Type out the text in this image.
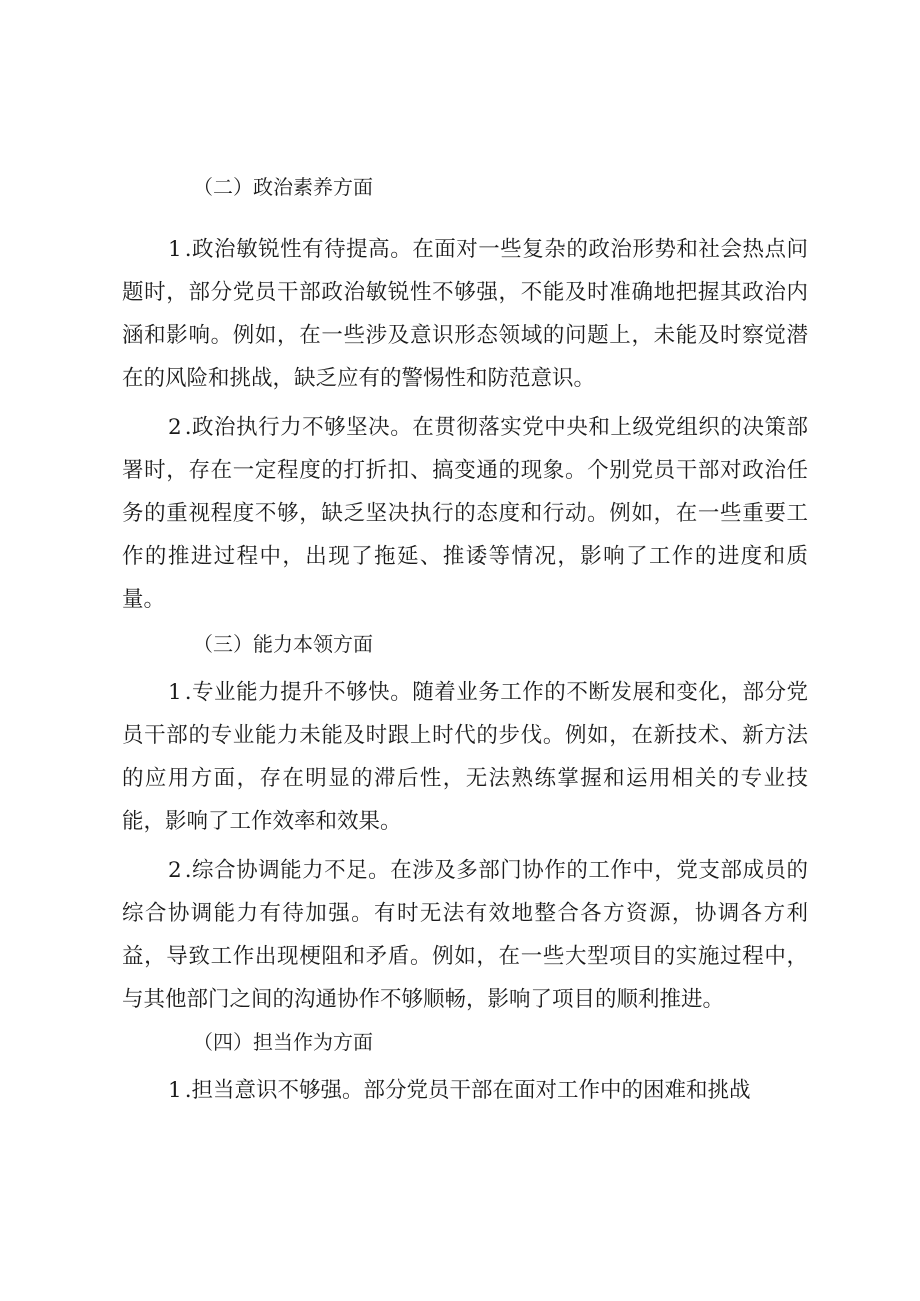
（二）政治素养方面

1 .政治敏锐性有待提高。在面对一些复杂的政治形势和社会热点问题时，部分党员干部政治敏锐性不够强，不能及时准确地把握其政治内涵和影响。例如，在一些涉及意识形态领域的问题上，未能及时察觉潜在的风险和挑战，缺乏应有的警惕性和防范意识。

2 .政治执行力不够坚决。在贯彻落实党中央和上级党组织的决策部署时，存在一定程度的打折扣、搞变通的现象。个别党员干部对政治任务的重视程度不够，缺乏坚决执行的态度和行动。例如，在一些重要工作的推进过程中，出现了拖延、推诿等情况，影响了工作的进度和质量。

（三）能力本领方面

1 .专业能力提升不够快。随着业务工作的不断发展和变化，部分党员干部的专业能力未能及时跟上时代的步伐。例如，在新技术、新方法的应用方面，存在明显的滞后性，无法熟练掌握和运用相关的专业技能，影响了工作效率和效果。

2 .综合协调能力不足。在涉及多部门协作的工作中，党支部成员的综合协调能力有待加强。有时无法有效地整合各方资源，协调各方利益，导致工作出现梗阻和矛盾。例如，在一些大型项目的实施过程中，与其他部门之间的沟通协作不够顺畅，影响了项目的顺利推进。

（四）担当作为方面

1 .担当意识不够强。部分党员干部在面对工作中的困难和挑战
